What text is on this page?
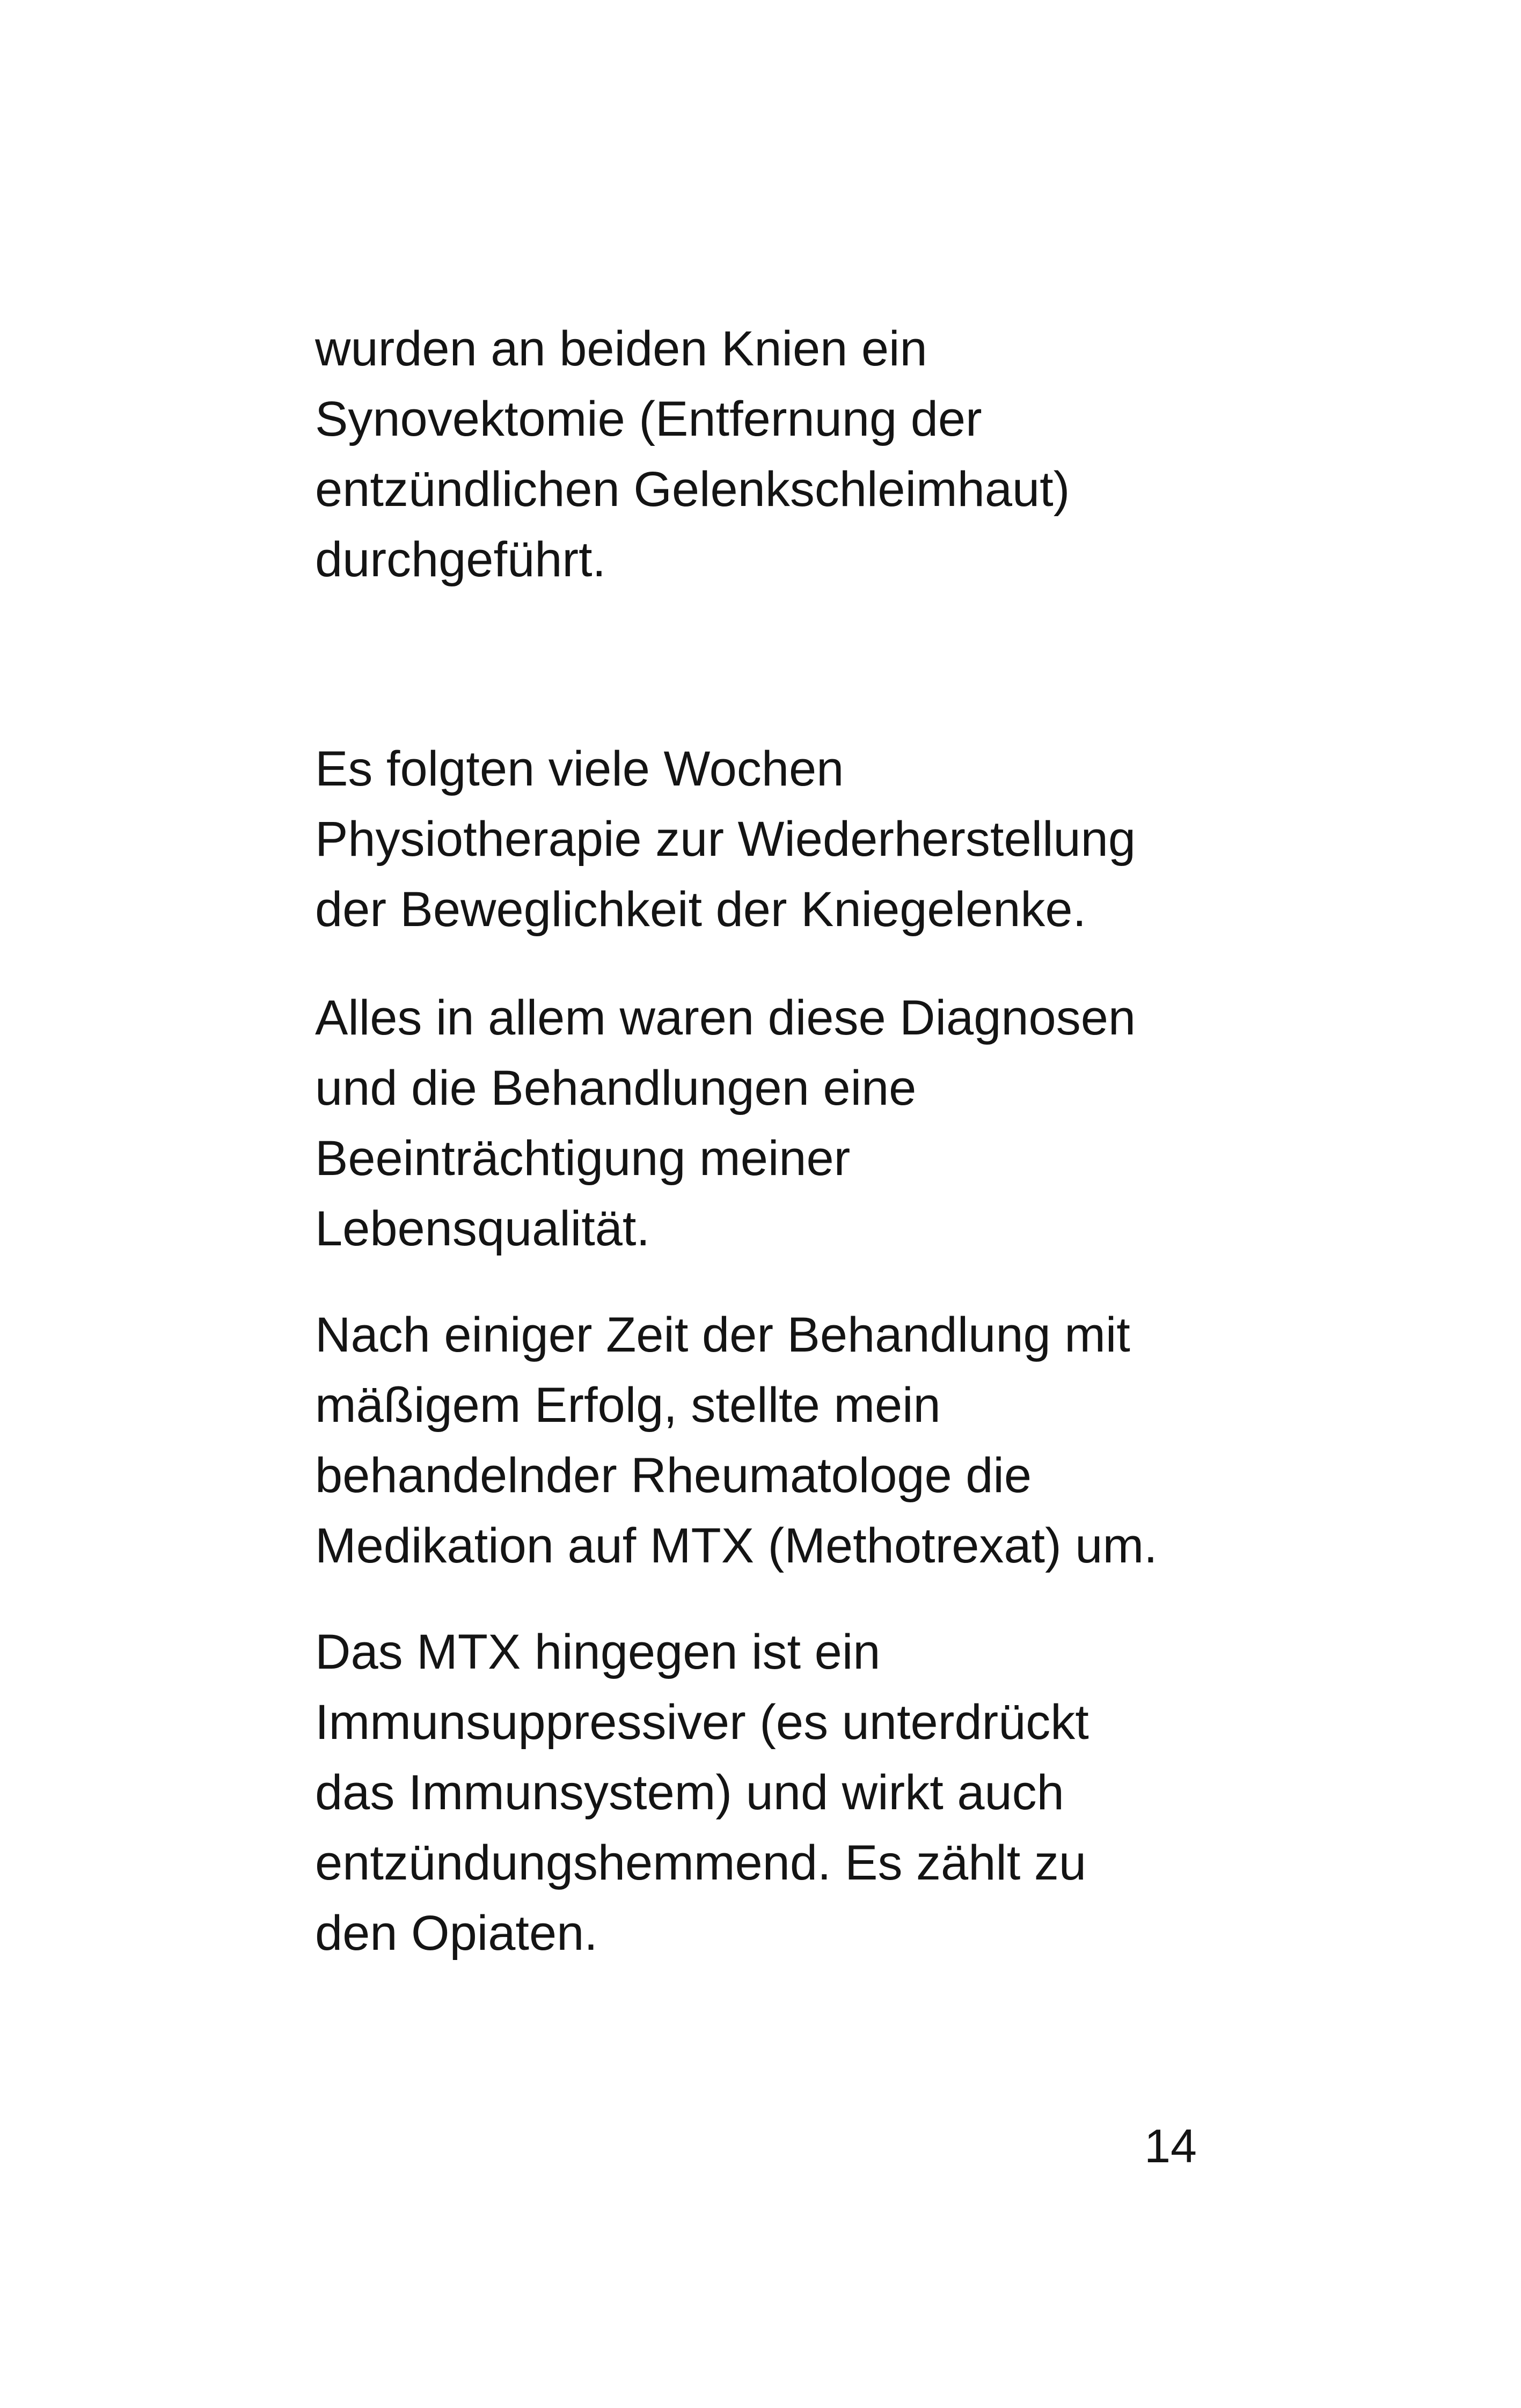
wurden an beiden Knien ein
Synovektomie (Entfernung der
entzündlichen Gelenkschleimhaut)
durchgeführt.

Es folgten viele Wochen
Physiotherapie zur Wiederherstellung
der Beweglichkeit der Kniegelenke.

Alles in allem waren diese Diagnosen
und die Behandlungen eine
Beeinträchtigung meiner
Lebensqualität.

Nach einiger Zeit der Behandlung mit
mäßigem Erfolg, stellte mein
behandelnder Rheumatologe die
Medikation auf MTX (Methotrexat) um.

Das MTX hingegen ist ein
Immunsuppressiver (es unterdrückt
das Immunsystem) und wirkt auch
entzündungshemmend. Es zählt zu
den Opiaten.

14
